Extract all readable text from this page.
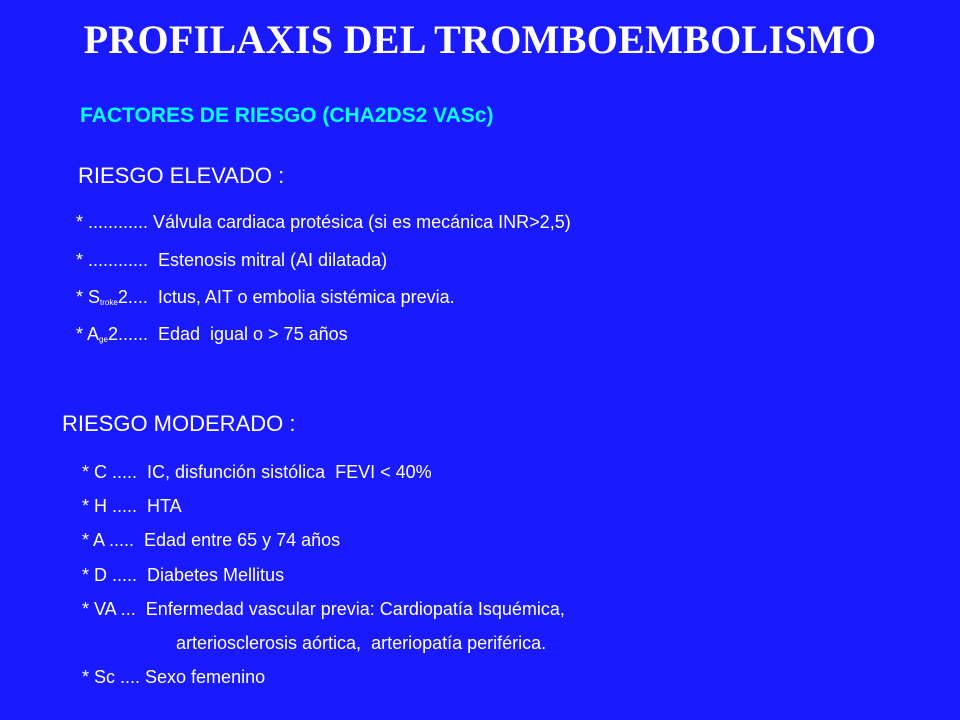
PROFILAXIS DEL TROMBOEMBOLISMO
FACTORES DE RIESGO (CHA2DS2 VASc)
RIESGO ELEVADO :
* ............ Válvula cardiaca protésica (si es mecánica INR>2,5)
* ............  Estenosis mitral (AI dilatada)
* $S_{troke}2$....  Ictus, AIT o embolia sistémica previa.
* $A_{ge}2$......  Edad  igual o > 75 años
RIESGO MODERADO :
* C .....  IC, disfunción sistólica  FEVI < 40%
* H .....  HTA
* A .....  Edad entre 65 y 74 años
* D .....  Diabetes Mellitus
* VA ...  Enfermedad vascular previa: Cardiopatía Isquémica,
arteriosclerosis aórtica,  arteriopatía periférica.
* Sc .... Sexo femenino
